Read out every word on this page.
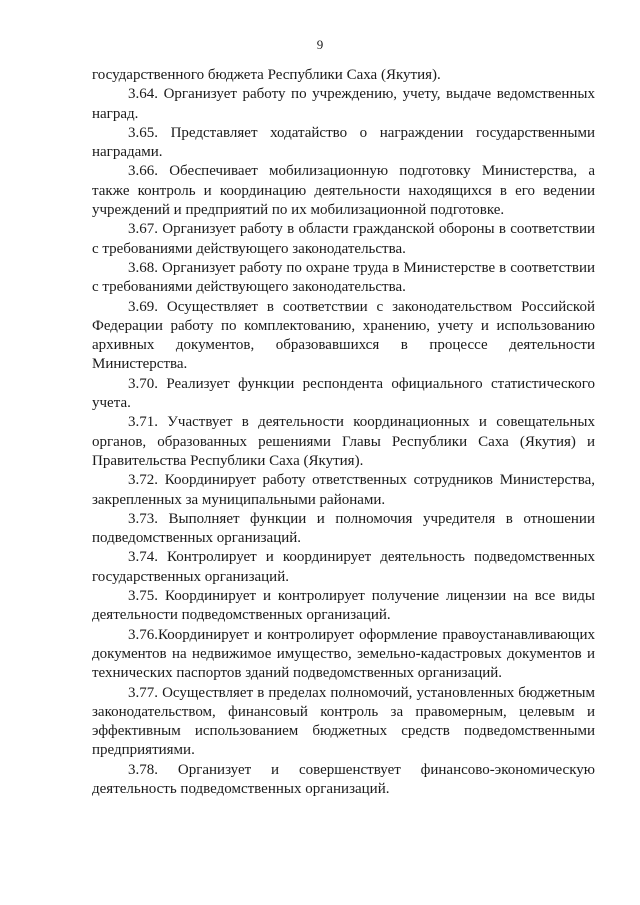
9

государственного бюджета Республики Саха (Якутия).

3.64. Организует работу по учреждению, учету, выдаче ведомственных наград.

3.65. Представляет ходатайство о награждении государственными наградами.

3.66. Обеспечивает мобилизационную подготовку Министерства, а также контроль и координацию деятельности находящихся в его ведении учреждений и предприятий по их мобилизационной подготовке.

3.67. Организует работу в области гражданской обороны в соответствии с требованиями действующего законодательства.

3.68. Организует работу по охране труда в Министерстве в соответствии с требованиями действующего законодательства.

3.69. Осуществляет в соответствии с законодательством Российской Федерации работу по комплектованию, хранению, учету и использованию архивных документов, образовавшихся в процессе деятельности Министерства.

3.70. Реализует функции респондента официального статистического учета.

3.71. Участвует в деятельности координационных и совещательных органов, образованных решениями Главы Республики Саха (Якутия) и Правительства Республики Саха (Якутия).

3.72. Координирует работу ответственных сотрудников Министерства, закрепленных за муниципальными районами.

3.73. Выполняет функции и полномочия учредителя в отношении подведомственных организаций.

3.74. Контролирует и координирует деятельность подведомственных государственных организаций.

3.75. Координирует и контролирует получение лицензии на все виды деятельности подведомственных организаций.

3.76.Координирует и контролирует оформление правоустанавливающих документов на недвижимое имущество, земельно-кадастровых документов и технических паспортов зданий подведомственных организаций.

3.77. Осуществляет в пределах полномочий, установленных бюджетным законодательством, финансовый контроль за правомерным, целевым и эффективным использованием бюджетных средств подведомственными предприятиями.

3.78. Организует и совершенствует финансово-экономическую деятельность подведомственных организаций.
